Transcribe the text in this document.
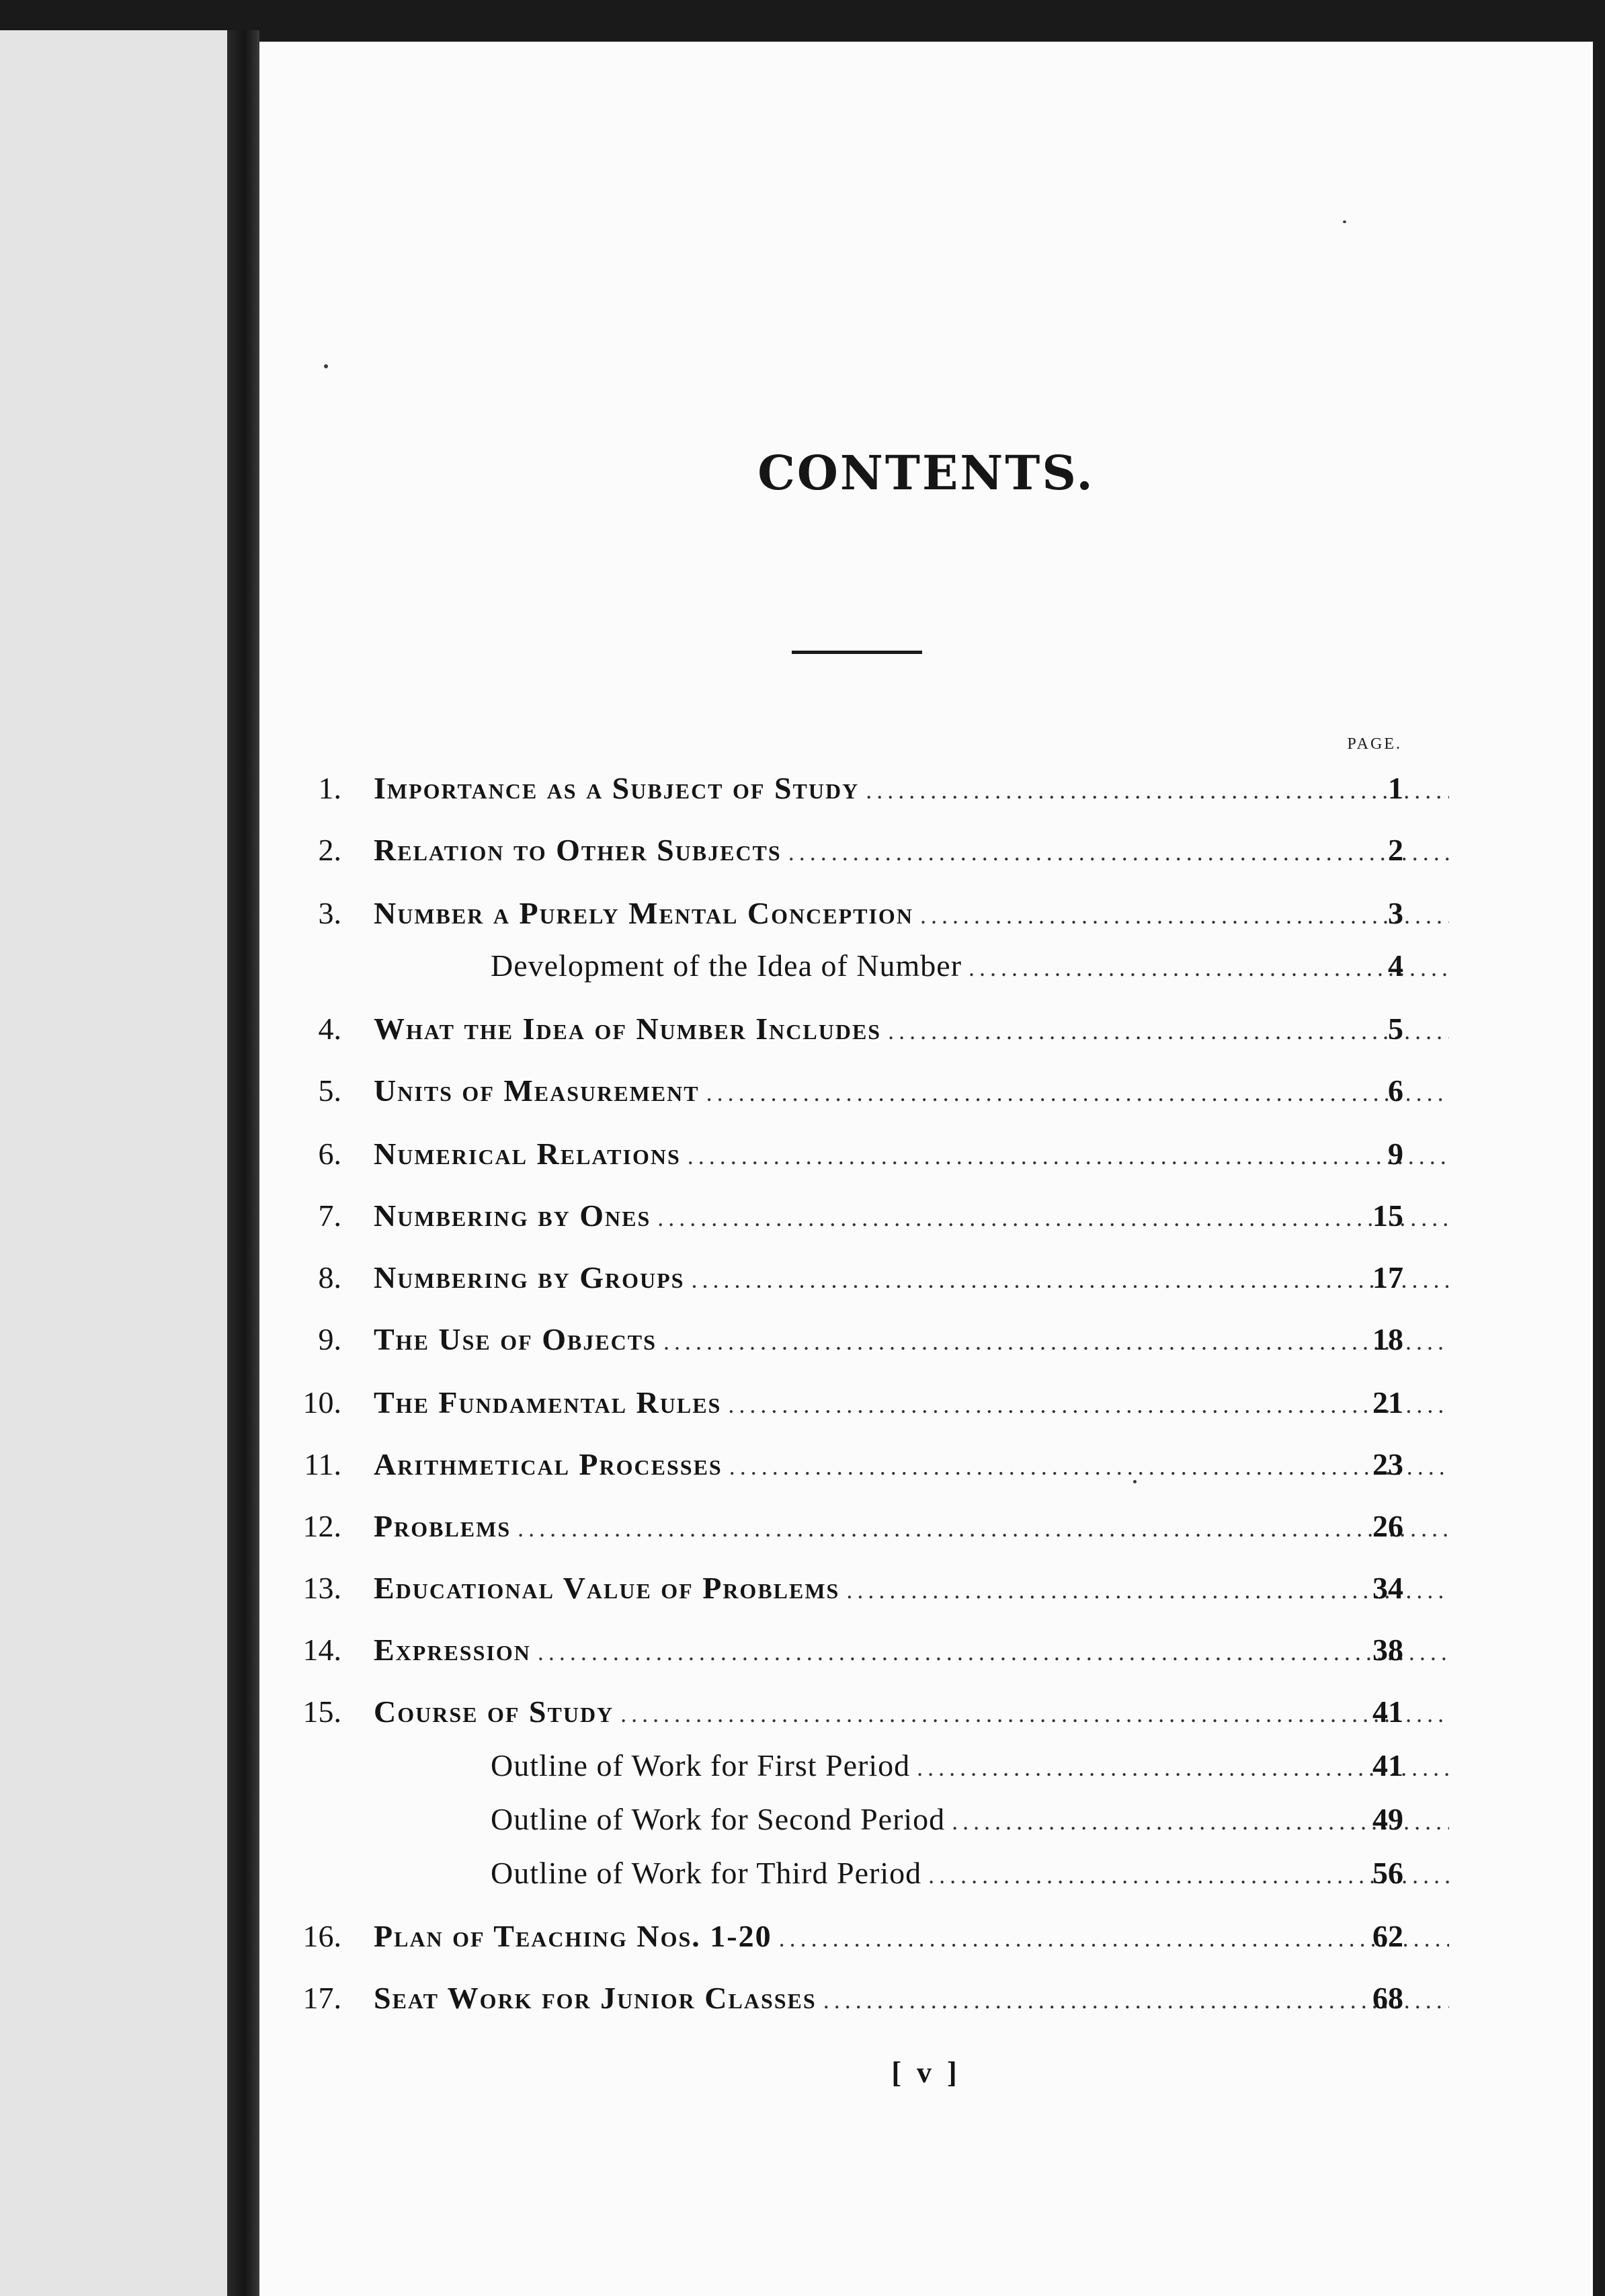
CONTENTS.
PAGE.
1. Importance as a Subject of Study . . .	1
2. Relation to Other Subjects . . .	2
3. Number a Purely Mental Conception . . .	3
Development of the Idea of Number . . .	4
4. What the Idea of Number Includes . . .	5
5. Units of Measurement . . .	6
6. Numerical Relations . . .	9
7. Numbering by Ones . . .	15
8. Numbering by Groups . . .	17
9. The Use of Objects . . .	18
10. The Fundamental Rules . . .	21
11. Arithmetical Processes . . .	23
12. Problems . . .	26
13. Educational Value of Problems . . .	34
14. Expression . . .	38
15. Course of Study . . .	41
Outline of Work for First Period . . .	41
Outline of Work for Second Period . . .	49
Outline of Work for Third Period . . .	56
16. Plan of Teaching Nos. 1-20 . . .	62
17. Seat Work for Junior Classes . . .	68
[ v ]
